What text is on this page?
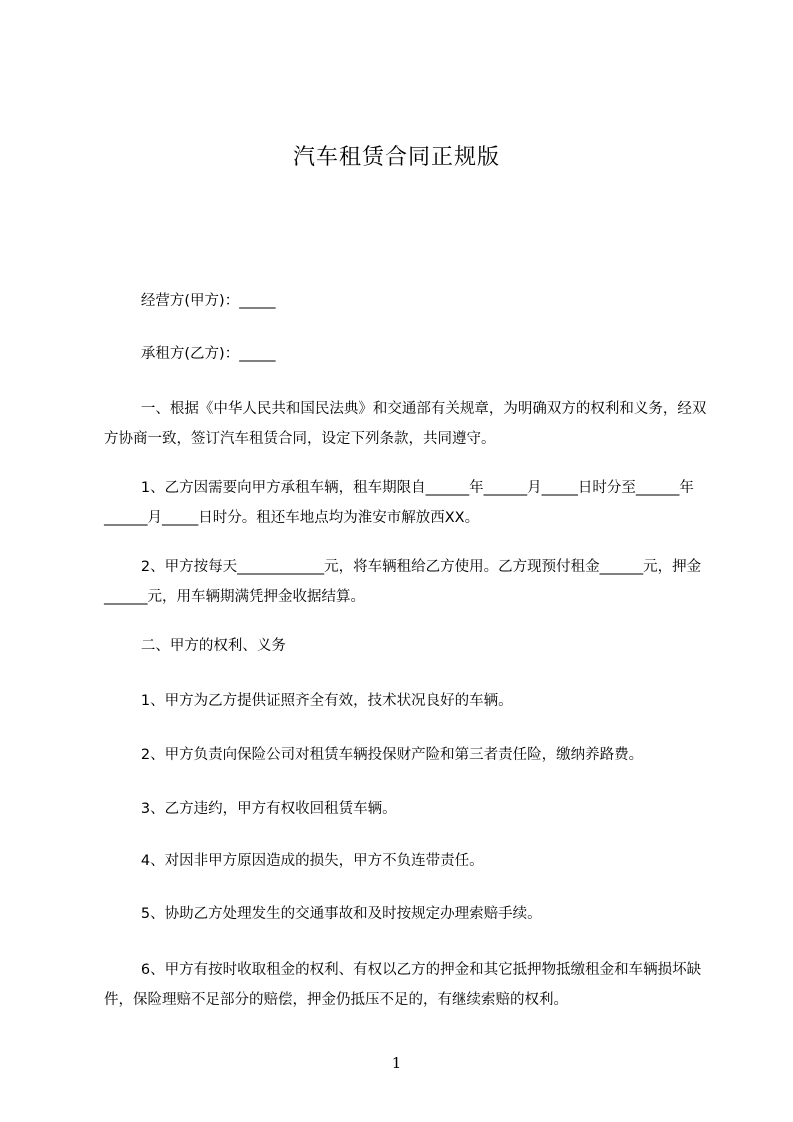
汽车租赁合同正规版
经营方(甲方)：_____
承租方(乙方)：_____
一、根据《中华人民共和国民法典》和交通部有关规章，为明确双方的权利和义务，经双方协商一致，签订汽车租赁合同，设定下列条款，共同遵守。
1、乙方因需要向甲方承租车辆，租车期限自______年______月_____日时分至______年______月_____日时分。租还车地点均为淮安市解放西XX。
2、甲方按每天____________元，将车辆租给乙方使用。乙方现预付租金______元，押金______元，用车辆期满凭押金收据结算。
二、甲方的权利、义务
1、甲方为乙方提供证照齐全有效，技术状况良好的车辆。
2、甲方负责向保险公司对租赁车辆投保财产险和第三者责任险，缴纳养路费。
3、乙方违约，甲方有权收回租赁车辆。
4、对因非甲方原因造成的损失，甲方不负连带责任。
5、协助乙方处理发生的交通事故和及时按规定办理索赔手续。
6、甲方有按时收取租金的权利、有权以乙方的押金和其它抵押物抵缴租金和车辆损坏缺件，保险理赔不足部分的赔偿，押金仍抵压不足的，有继续索赔的权利。
1
